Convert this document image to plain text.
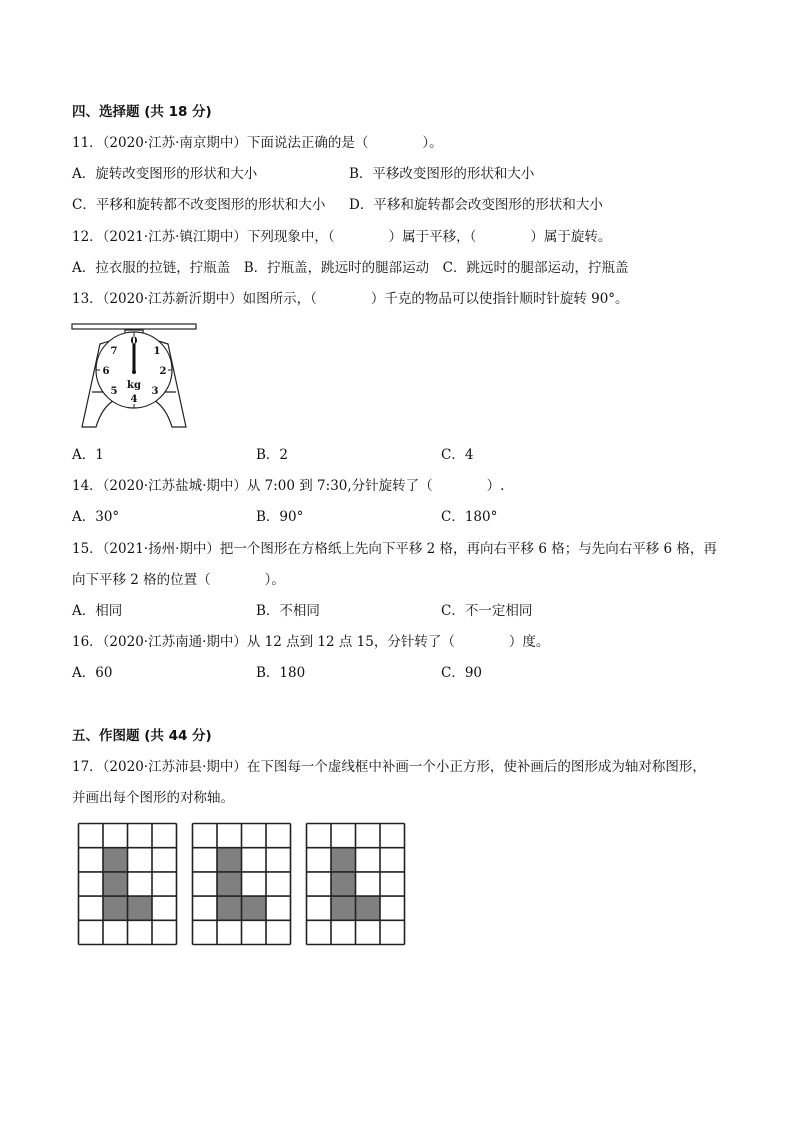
四、选择题 (共 18 分)
11．（2020·江苏·南京期中）下面说法正确的是（　　　　）。
A．旋转改变图形的形状和大小	B．平移改变图形的形状和大小
C．平移和旋转都不改变图形的形状和大小 D．平移和旋转都会改变图形的形状和大小
12．（2021·江苏·镇江期中）下列现象中，（　　　　）属于平移，（　　　　）属于旋转。
A．拉衣服的拉链，拧瓶盖　B．拧瓶盖，跳远时的腿部运动　C．跳远时的腿部运动，拧瓶盖
13．（2020·江苏新沂期中）如图所示，（　　　　）千克的物品可以使指针顺时针旋转 90°。
0
1
2
3
4
5
6
7
kg
A．1	B．2	C．4
14．（2020·江苏盐城·期中）从 7:00 到 7:30,分针旋转了（　　　　）.
A．30°	B．90°	C．180°
15．（2021·扬州·期中）把一个图形在方格纸上先向下平移 2 格，再向右平移 6 格；与先向右平移 6 格，再
向下平移 2 格的位置（　　　　）。
A．相同	B．不相同	C．不一定相同
16．（2020·江苏南通·期中）从 12 点到 12 点 15，分针转了（　　　　）度。
A．60	B．180	C．90
五、作图题 (共 44 分)
17．（2020·江苏沛县·期中）在下图每一个虚线框中补画一个小正方形，使补画后的图形成为轴对称图形，
并画出每个图形的对称轴。
